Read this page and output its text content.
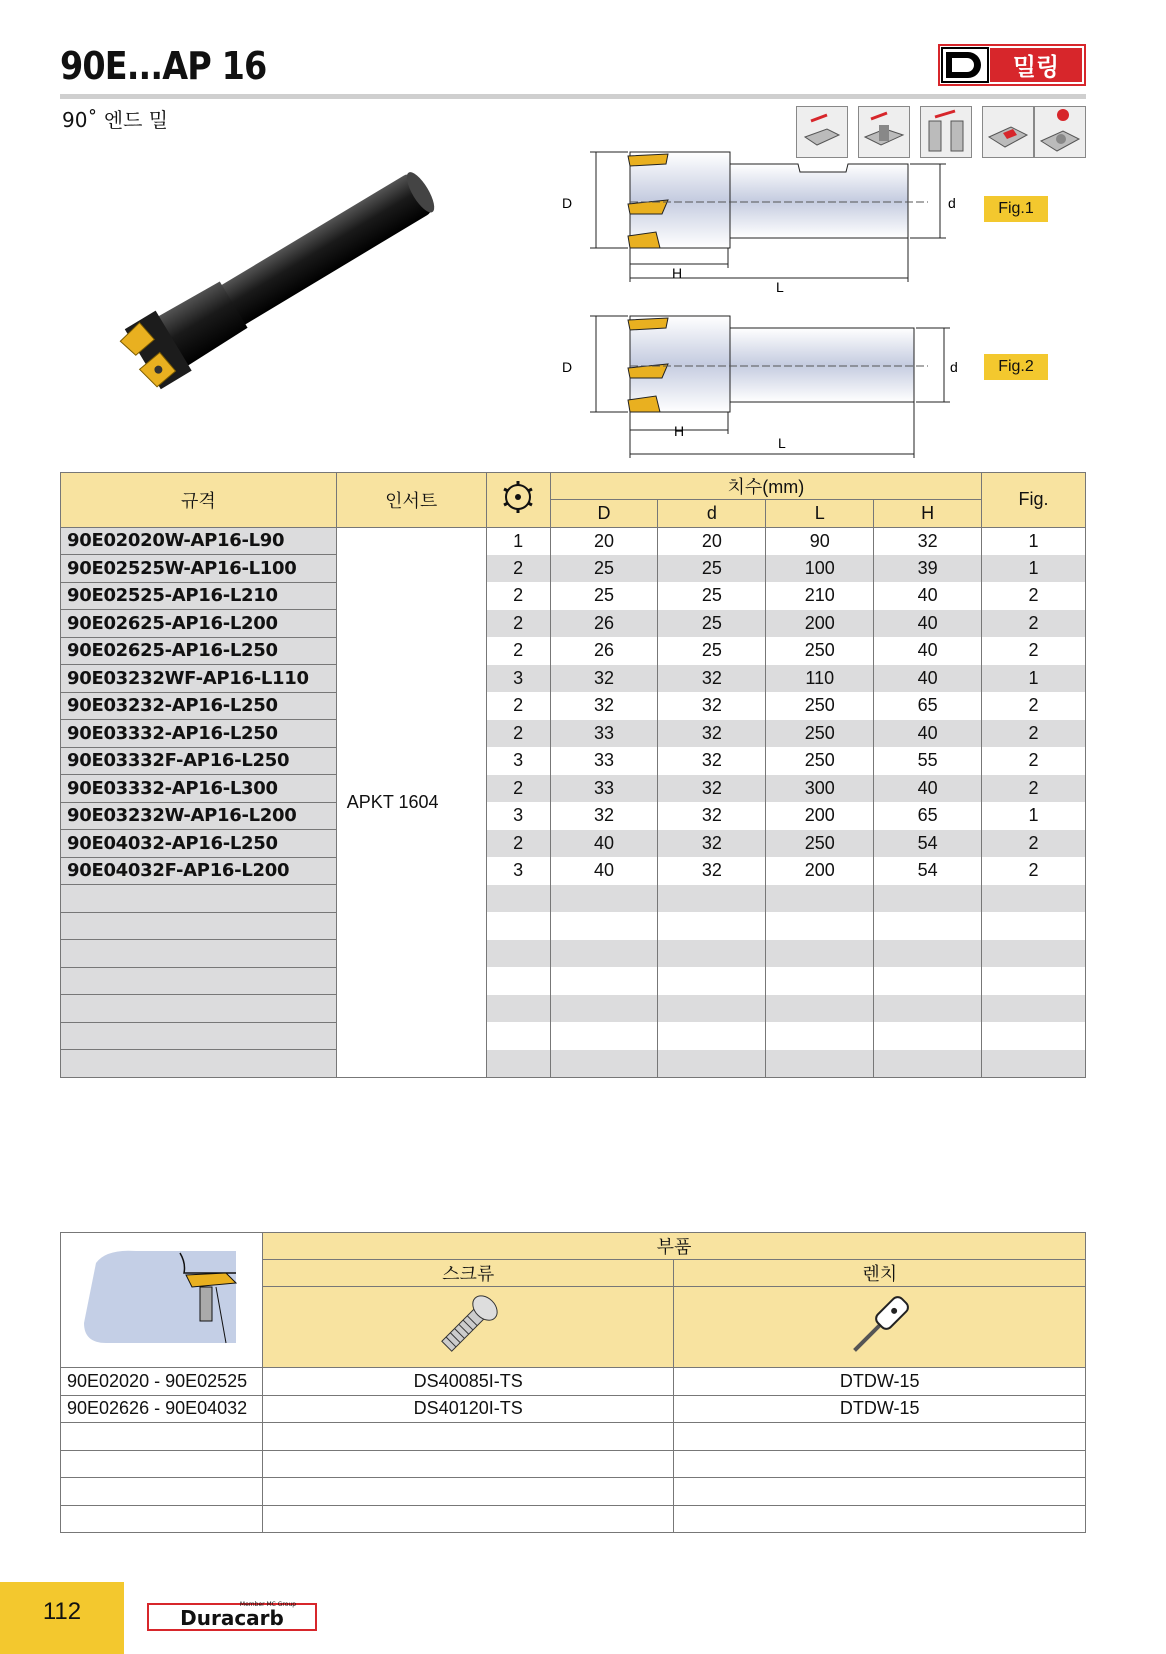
90E...AP 16
90˚ 엔드 밀
밀링
D	d
H
L
Fig.1
D	d
H
L
Fig.2
규격	인서트		치수(mm)				Fig.
			D	d	L	H	
90E02020W-AP16-L90	APKT 1604	1	20	20	90	32	1
90E02525W-AP16-L100		2	25	25	100	39	1
90E02525-AP16-L210		2	25	25	210	40	2
90E02625-AP16-L200		2	26	25	200	40	2
90E02625-AP16-L250		2	26	25	250	40	2
90E03232WF-AP16-L110		3	32	32	110	40	1
90E03232-AP16-L250		2	32	32	250	65	2
90E03332-AP16-L250		2	33	32	250	40	2
90E03332F-AP16-L250		3	33	32	250	55	2
90E03332-AP16-L300		2	33	32	300	40	2
90E03232W-AP16-L200		3	32	32	200	65	1
90E04032-AP16-L250		2	40	32	250	54	2
90E04032F-AP16-L200		3	40	32	200	54	2

	부품	
	스크류	렌치

90E02020 - 90E02525	DS40085I-TS	DTDW-15
90E02626 - 90E04032	DS40120I-TS	DTDW-15

112	Member MC Group
Duracarb
